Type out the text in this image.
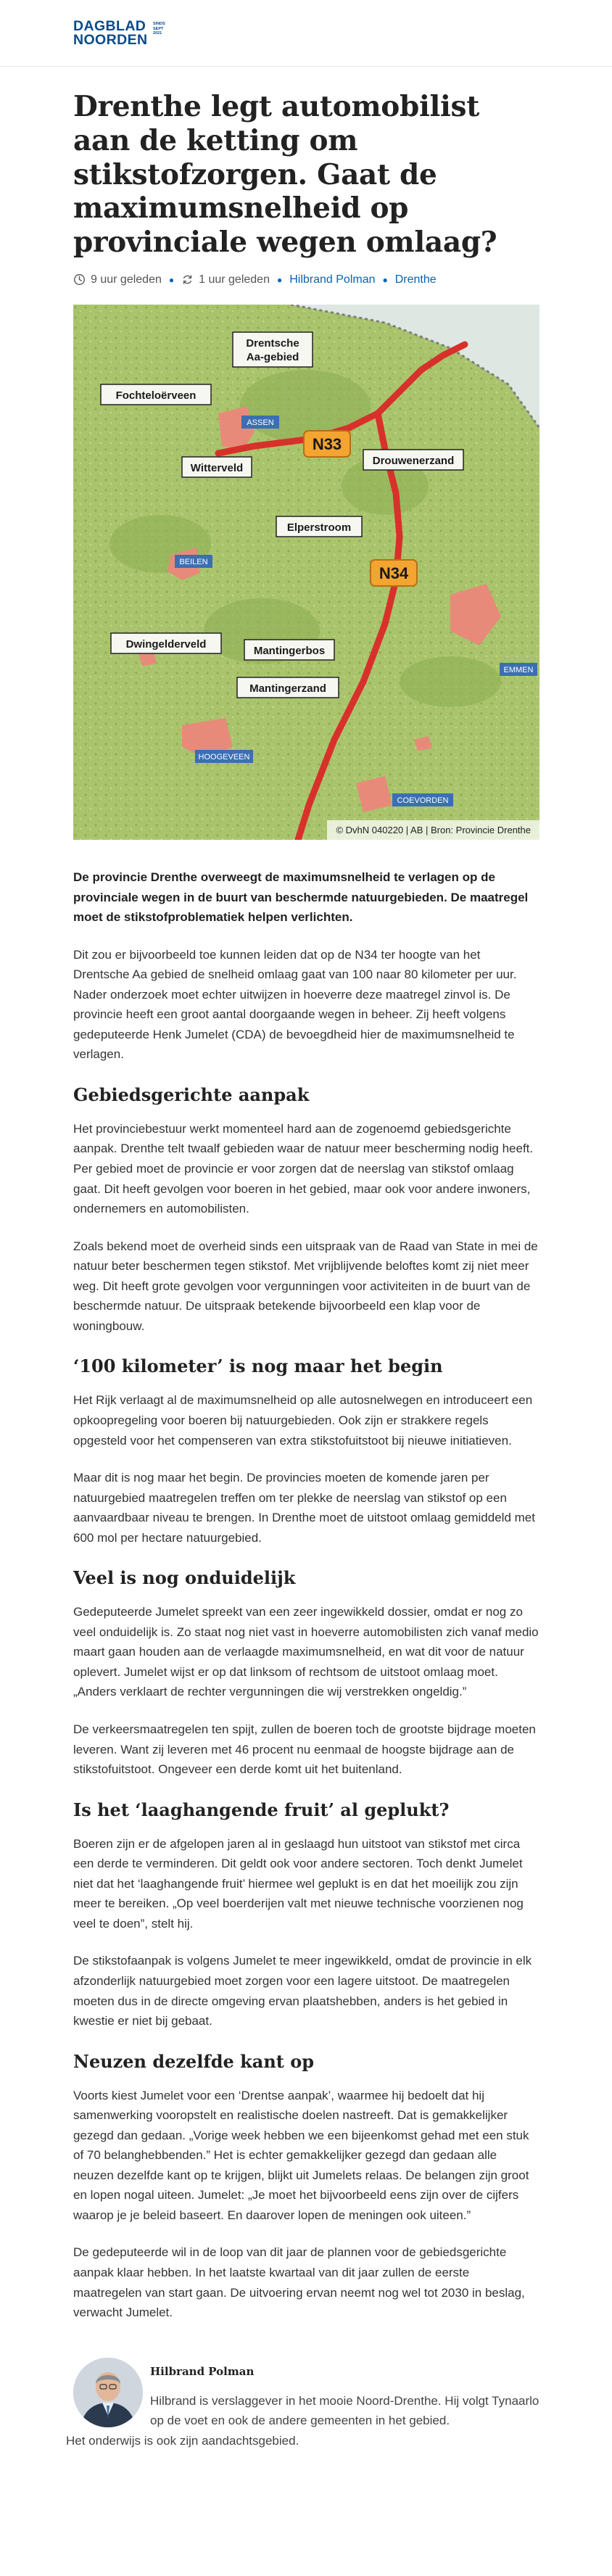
DAGBLAD
NOORDEN
SINDS SEPT 2021
Drenthe legt automobilist aan de ketting om stikstofzorgen. Gaat de maximumsnelheid op provinciale wegen omlaag?
9 uur geleden ● 1 uur geleden ● Hilbrand Polman ● Drenthe
N33
N34
Drentsche
Aa-gebied
Fochteloërveen
Witterveld
Drouwenerzand
Elperstroom
Dwingelderveld
Mantingerbos
Mantingerzand
ASSEN
BEILEN
EMMEN
HOOGEVEEN
COEVORDEN
© DvhN 040220 | AB | Bron: Provincie Drenthe

De provincie Drenthe overweegt de maximumsnelheid te verlagen op de provinciale wegen in de buurt van beschermde natuurgebieden. De maatregel moet de stikstofproblematiek helpen verlichten.

Dit zou er bijvoorbeeld toe kunnen leiden dat op de N34 ter hoogte van het Drentsche Aa gebied de snelheid omlaag gaat van 100 naar 80 kilometer per uur. Nader onderzoek moet echter uitwijzen in hoeverre deze maatregel zinvol is. De provincie heeft een groot aantal doorgaande wegen in beheer. Zij heeft volgens gedeputeerde Henk Jumelet (CDA) de bevoegdheid hier de maximumsnelheid te verlagen.

Gebiedsgerichte aanpak

Het provinciebestuur werkt momenteel hard aan de zogenoemd gebiedsgerichte aanpak. Drenthe telt twaalf gebieden waar de natuur meer bescherming nodig heeft. Per gebied moet de provincie er voor zorgen dat de neerslag van stikstof omlaag gaat. Dit heeft gevolgen voor boeren in het gebied, maar ook voor andere inwoners, ondernemers en automobilisten.

Zoals bekend moet de overheid sinds een uitspraak van de Raad van State in mei de natuur beter beschermen tegen stikstof. Met vrijblijvende beloftes komt zij niet meer weg. Dit heeft grote gevolgen voor vergunningen voor activiteiten in de buurt van de beschermde natuur. De uitspraak betekende bijvoorbeeld een klap voor de woningbouw.

‘100 kilometer’ is nog maar het begin

Het Rijk verlaagt al de maximumsnelheid op alle autosnelwegen en introduceert een opkoopregeling voor boeren bij natuurgebieden. Ook zijn er strakkere regels opgesteld voor het compenseren van extra stikstofuitstoot bij nieuwe initiatieven.

Maar dit is nog maar het begin. De provincies moeten de komende jaren per natuurgebied maatregelen treffen om ter plekke de neerslag van stikstof op een aanvaardbaar niveau te brengen. In Drenthe moet de uitstoot omlaag gemiddeld met 600 mol per hectare natuurgebied.

Veel is nog onduidelijk

Gedeputeerde Jumelet spreekt van een zeer ingewikkeld dossier, omdat er nog zo veel onduidelijk is. Zo staat nog niet vast in hoeverre automobilisten zich vanaf medio maart gaan houden aan de verlaagde maximumsnelheid, en wat dit voor de natuur oplevert. Jumelet wijst er op dat linksom of rechtsom de uitstoot omlaag moet. „Anders verklaart de rechter vergunningen die wij verstrekken ongeldig.”

De verkeersmaatregelen ten spijt, zullen de boeren toch de grootste bijdrage moeten leveren. Want zij leveren met 46 procent nu eenmaal de hoogste bijdrage aan de stikstofuitstoot. Ongeveer een derde komt uit het buitenland.

Is het ‘laaghangende fruit’ al geplukt?

Boeren zijn er de afgelopen jaren al in geslaagd hun uitstoot van stikstof met circa een derde te verminderen. Dit geldt ook voor andere sectoren. Toch denkt Jumelet niet dat het ‘laaghangende fruit’ hiermee wel geplukt is en dat het moeilijk zou zijn meer te bereiken. „Op veel boerderijen valt met nieuwe technische voorzienen nog veel te doen”, stelt hij.

De stikstofaanpak is volgens Jumelet te meer ingewikkeld, omdat de provincie in elk afzonderlijk natuurgebied moet zorgen voor een lagere uitstoot. De maatregelen moeten dus in de directe omgeving ervan plaatshebben, anders is het gebied in kwestie er niet bij gebaat.

Neuzen dezelfde kant op

Voorts kiest Jumelet voor een ‘Drentse aanpak’, waarmee hij bedoelt dat hij samenwerking vooropstelt en realistische doelen nastreeft. Dat is gemakkelijker gezegd dan gedaan. „Vorige week hebben we een bijeenkomst gehad met een stuk of 70 belanghebbenden.” Het is echter gemakkelijker gezegd dan gedaan alle neuzen dezelfde kant op te krijgen, blijkt uit Jumelets relaas. De belangen zijn groot en lopen nogal uiteen. Jumelet: „Je moet het bijvoorbeeld eens zijn over de cijfers waarop je je beleid baseert. En daarover lopen de meningen ook uiteen.”

De gedeputeerde wil in de loop van dit jaar de plannen voor de gebiedsgerichte aanpak klaar hebben. In het laatste kwartaal van dit jaar zullen de eerste maatregelen van start gaan. De uitvoering ervan neemt nog wel tot 2030 in beslag, verwacht Jumelet.

Hilbrand Polman
Hilbrand is verslaggever in het mooie Noord-Drenthe. Hij volgt Tynaarlo op de voet en ook de andere gemeenten in het gebied.
Het onderwijs is ook zijn aandachtsgebied.
